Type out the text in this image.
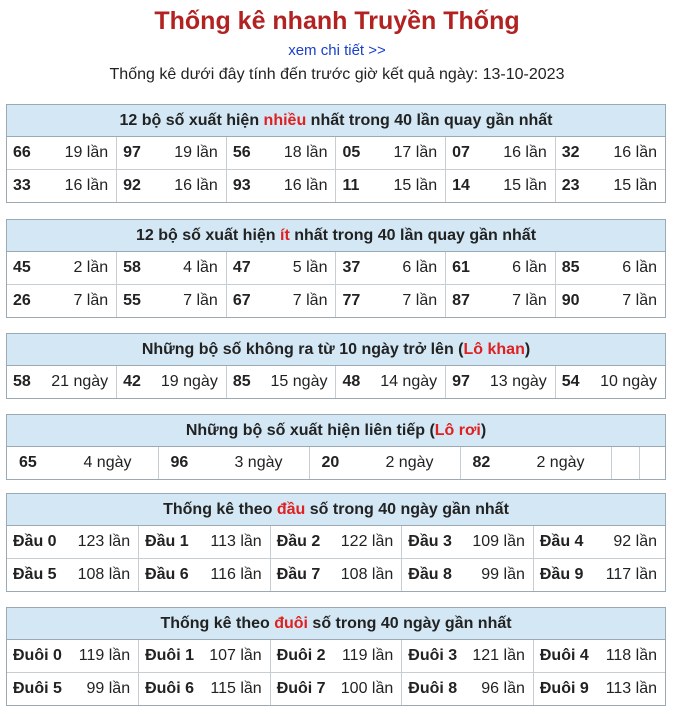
Thống kê nhanh Truyền Thống
xem chi tiết >>
Thống kê dưới đây tính đến trước giờ kết quả ngày: 13-10-2023
12 bộ số xuất hiện nhiều nhất trong 40 lần quay gần nhất
66 19 lần	97 19 lần	56 18 lần	05 17 lần	07 16 lần	32 16 lần

33 16 lần	92 16 lần	93 16 lần	11 15 lần	14 15 lần	23 15 lần
12 bộ số xuất hiện ít nhất trong 40 lần quay gần nhất
45 2 lần	58 4 lần	47 5 lần	37 6 lần	61 6 lần	85 6 lần

26 7 lần	55 7 lần	67 7 lần	77 7 lần	87 7 lần	90 7 lần
Những bộ số không ra từ 10 ngày trở lên (Lô khan)
58 21 ngày	42 19 ngày	85 15 ngày	48 14 ngày	97 13 ngày	54 10 ngày
Những bộ số xuất hiện liên tiếp (Lô rơi)
65	4 ngày	96	3 ngày	20	2 ngày	82	2 ngày

Thống kê theo đầu số trong 40 ngày gần nhất
Đầu 0 123 lần	Đầu 1 113 lần	Đầu 2 122 lần	Đầu 3 109 lần	Đầu 4 92 lần

Đầu 5 108 lần	Đầu 6 116 lần	Đầu 7 108 lần	Đầu 8 99 lần	Đầu 9 117 lần
Thống kê theo đuôi số trong 40 ngày gần nhất
Đuôi 0 119 lần	Đuôi 1 107 lần	Đuôi 2 119 lần	Đuôi 3 121 lần	Đuôi 4 118 lần

Đuôi 5 99 lần	Đuôi 6 115 lần	Đuôi 7 100 lần	Đuôi 8 96 lần	Đuôi 9 113 lần
